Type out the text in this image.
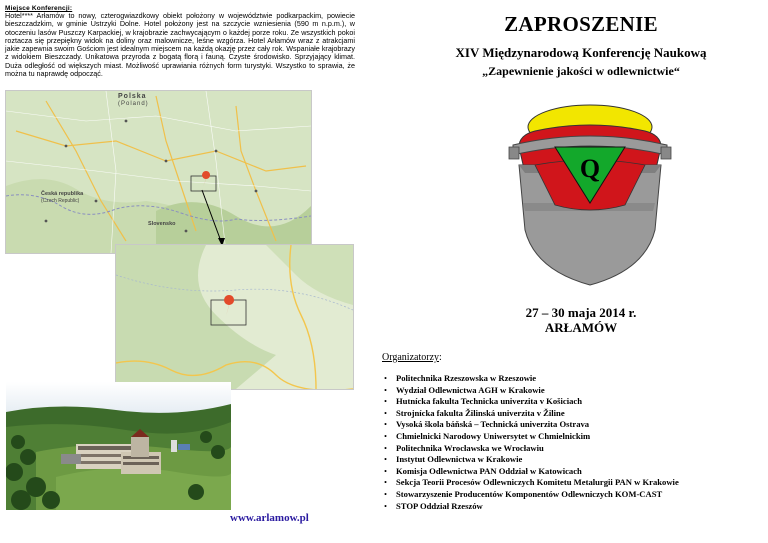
Miejsce Konferencji:
Hotel**** Arłamów to nowy, czterogwiazdkowy obiekt położony w województwie podkarpackim, powiecie bieszczadzkim, w gminie Ustrzyki Dolne. Hotel położony jest na szczycie wzniesienia (590 m n.p.m.), w otoczeniu lasów Puszczy Karpackiej, w krajobrazie zachwycającym o każdej porze roku. Ze wszystkich pokoi roztacza się przepiękny widok na doliny oraz malownicze, leśne wzgórza. Hotel Arłamów wraz z atrakcjami jakie zapewnia swoim Gościom jest idealnym miejscem na każdą okazję przez cały rok. Wspaniałe krajobrazy z widokiem Bieszczady. Unikatowa przyroda z bogatą florą i fauną. Czyste środowisko. Sprzyjający klimat. Duża odległość od większych miast. Możliwość uprawiania różnych form turystyki. Wszystko to sprawia, że można tu naprawdę odpocząć.
Polska
(Poland)
Česká republika
(Czech Republic)
Slovensko
www.arlamow.pl
ZAPROSZENIE
XIV Międzynarodową Konferencję Naukową
„Zapewnienie jakości w odlewnictwie“
Q
27 – 30 maja 2014 r.
ARŁAMÓW
Organizatorzy:
• Politechnika Rzeszowska w Rzeszowie
• Wydział Odlewnictwa AGH w Krakowie
• Hutnícka fakulta Technicka univerzita v Košiciach
• Strojnícka fakulta Žilinská univerzita v Žiline
• Vysoká škola báňská – Technická univerzita Ostrava
• Chmielnicki Narodowy Uniwersytet w Chmielnickim
• Politechnika Wrocławska we Wrocławiu
• Instytut Odlewnictwa w Krakowie
• Komisja Odlewnictwa PAN Oddział w Katowicach
• Sekcja Teorii Procesów Odlewniczych Komitetu Metalurgii PAN w Krakowie
• Stowarzyszenie Producentów Komponentów Odlewniczych KOM-CAST
• STOP Oddział Rzeszów
